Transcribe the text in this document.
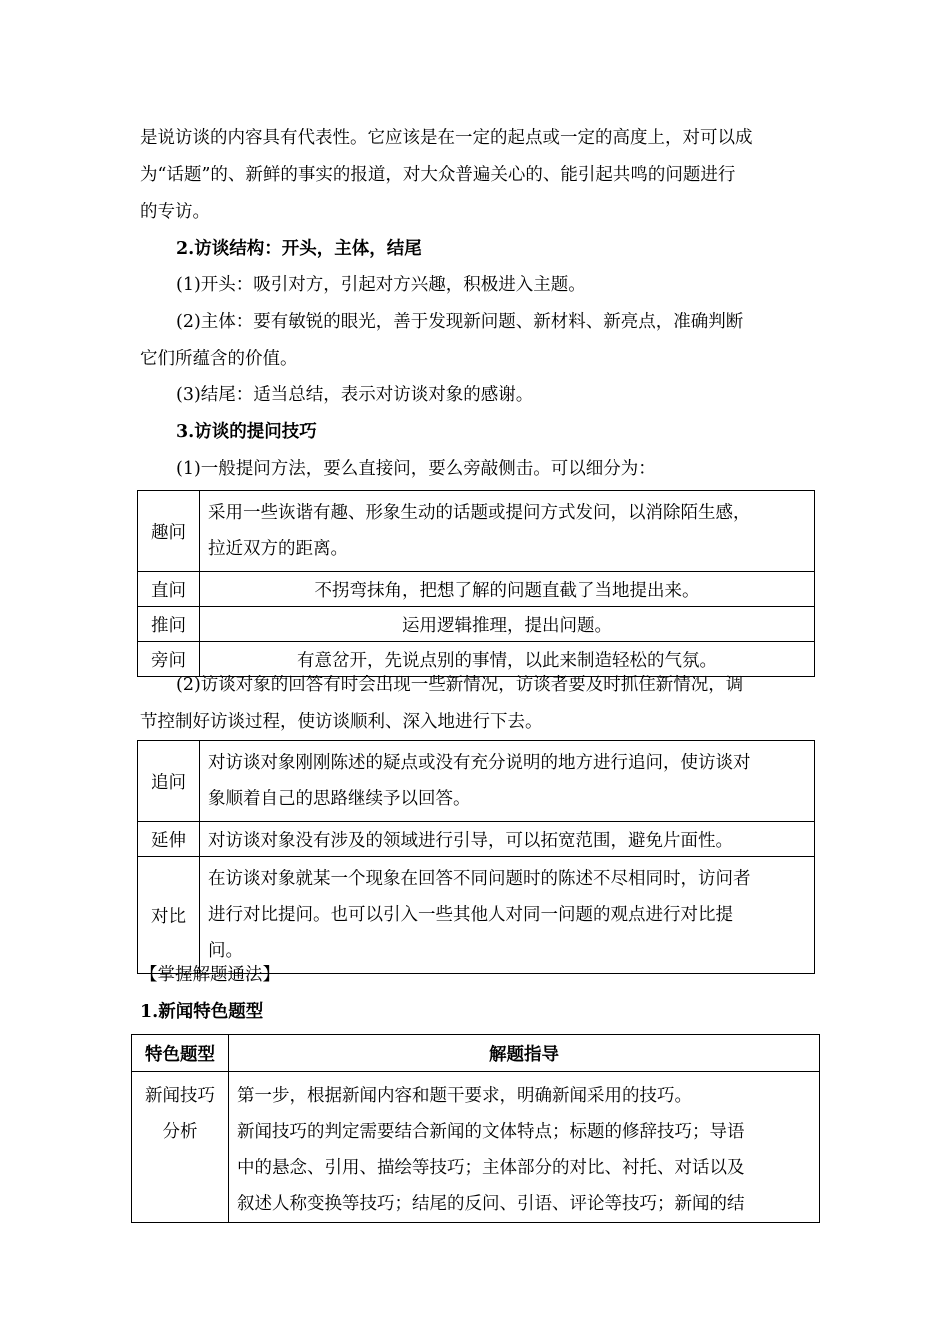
是说访谈的内容具有代表性。它应该是在一定的起点或一定的高度上，对可以成
为“话题”的、新鲜的事实的报道，对大众普遍关心的、能引起共鸣的问题进行
的专访。
2.访谈结构：开头，主体，结尾
(1)开头：吸引对方，引起对方兴趣，积极进入主题。
(2)主体：要有敏锐的眼光，善于发现新问题、新材料、新亮点，准确判断
它们所蕴含的价值。
(3)结尾：适当总结，表示对访谈对象的感谢。
3.访谈的提问技巧
(1)一般提问方法，要么直接问，要么旁敲侧击。可以细分为：
趣问	采用一些诙谐有趣、形象生动的话题或提问方式发问，以消除陌生感，
拉近双方的距离。

直问	不拐弯抹角，把想了解的问题直截了当地提出来。
推问	运用逻辑推理，提出问题。
旁问	有意岔开，先说点别的事情，以此来制造轻松的气氛。
(2)访谈对象的回答有时会出现一些新情况，访谈者要及时抓住新情况，调
节控制好访谈过程，使访谈顺利、深入地进行下去。
追问	对访谈对象刚刚陈述的疑点或没有充分说明的地方进行追问，使访谈对
象顺着自己的思路继续予以回答。

延伸	对访谈对象没有涉及的领域进行引导，可以拓宽范围，避免片面性。
对比	在访谈对象就某一个现象在回答不同问题时的陈述不尽相同时，访问者
进行对比提问。也可以引入一些其他人对同一问题的观点进行对比提
问。
【掌握解题通法】
1.新闻特色题型
特色题型	解题指导

新闻技巧
分析	第一步，根据新闻内容和题干要求，明确新闻采用的技巧。
新闻技巧的判定需要结合新闻的文体特点；标题的修辞技巧；导语
中的悬念、引用、描绘等技巧；主体部分的对比、衬托、对话以及
叙述人称变换等技巧；结尾的反问、引语、评论等技巧；新闻的结
